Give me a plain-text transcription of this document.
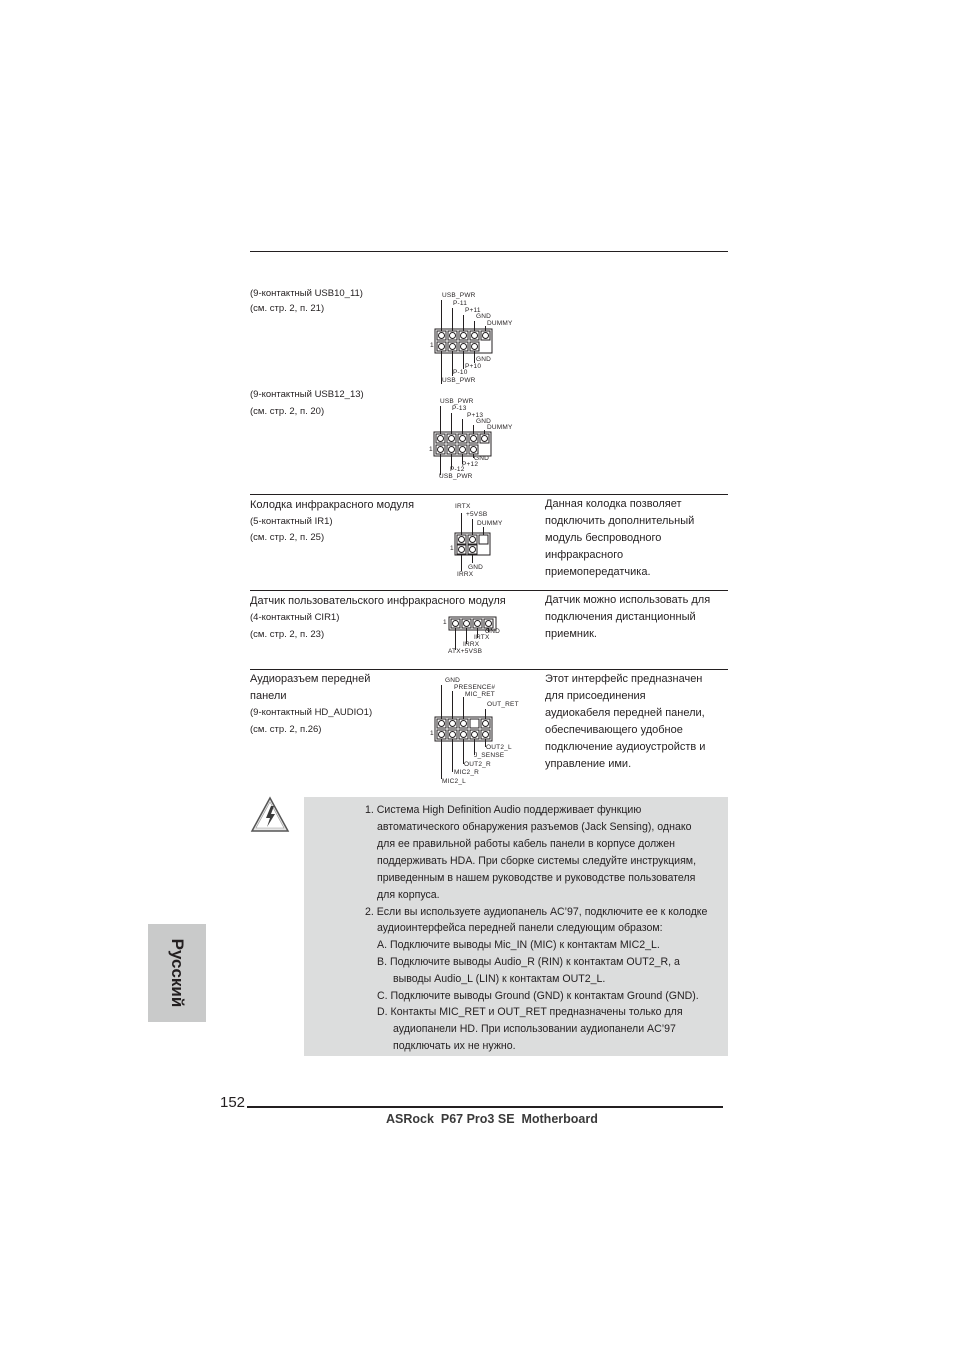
(9-контактный USB10_11)
(см. стр. 2, п. 21)
USB_PWR
P-11
P+11
GND
DUMMY
1
GND
P+10
P-10
USB_PWR
(9-контактный USB12_13)
(см. стр. 2, п. 20)
USB_PWR
P-13
P+13
GND
DUMMY
1
GND
P+12
P-12
USB_PWR
Колодка инфракрасного модуля
(5-контактный IR1)
(см. стр. 2, п. 25)
Данная колодка позволяет
подключить дополнительный
модуль беспроводного
инфракрасного
приемопередатчика.
IRTX
+5VSB
DUMMY
1
GND
IRRX
Датчик пользовательского инфракрасного модуля
(4-контактный CIR1)
(см. стр. 2, п. 23)
Датчик можно использовать для
подключения дистанционный
приемник.
1
GND
IRTX
IRRX
ATX+5VSB
Аудиоразъем передней
панели
(9-контактный HD_AUDIO1)
(см. стр. 2, п.26)
Этот интерфейс предназначен
для присоединения
аудиокабеля передней панели,
обеспечивающего удобное
подключение аудиоустройств и
управление ими.
GND
PRESENCE#
MIC_RET
OUT_RET
1
OUT2_L
J_SENSE
OUT2_R
MIC2_R
MIC2_L
1. Система High Definition Audio поддерживает функцию
автоматического обнаружения разъемов (Jack Sensing), однако
для ее правильной работы кабель панели в корпусе должен
поддерживать HDA. При сборке системы следуйте инструкциям,
приведенным в нашем руководстве и руководстве пользователя
для корпуса.
2. Если вы используете аудиопанель AC’97, подключите ее к колодке
аудиоинтерфейса передней панели следующим образом:
A. Подключите выводы Mic_IN (MIC) к контактам MIC2_L.
B. Подключите выводы Audio_R (RIN) к контактам OUT2_R, а
выводы Audio_L (LIN) к контактам OUT2_L.
C. Подключите выводы Ground (GND) к контактам Ground (GND).
D. Контакты MIC_RET и OUT_RET предназначены только для
аудиопанели HD. При использовании аудиопанели AC’97
подключать их не нужно.
Русский
152
ASRock  P67 Pro3 SE  Motherboard
